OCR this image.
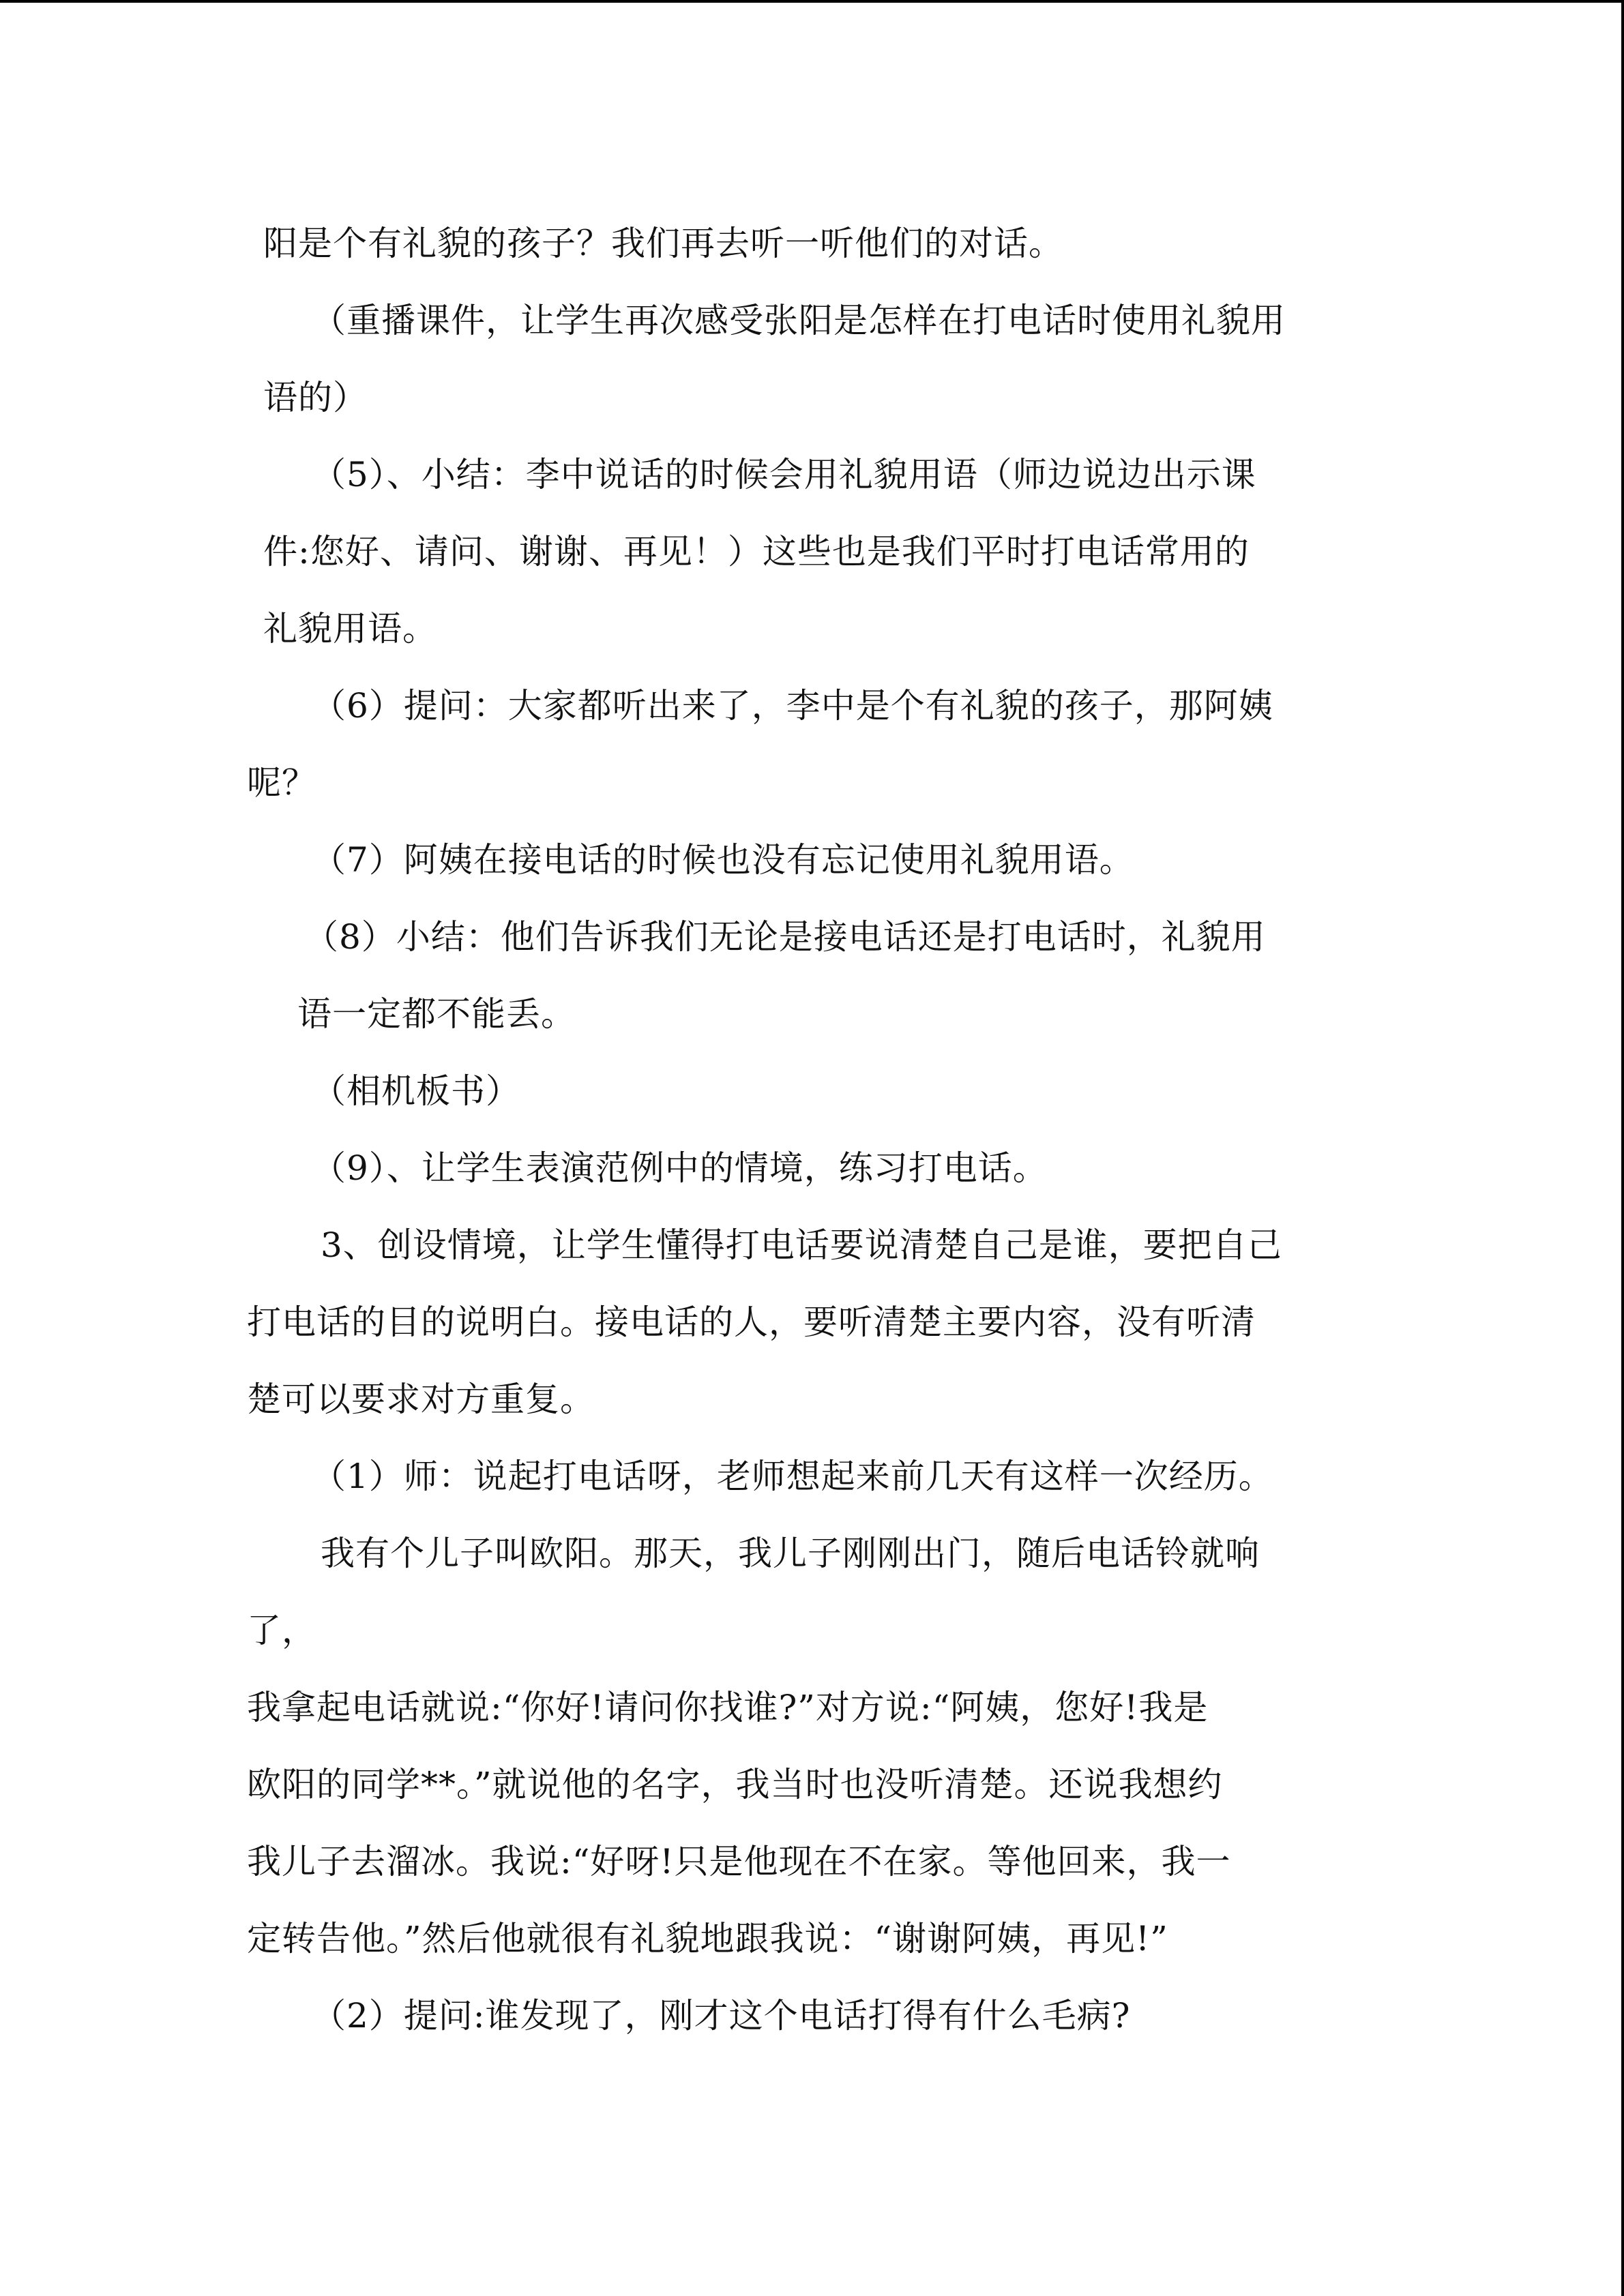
阳是个有礼貌的孩子？我们再去听一听他们的对话。
（重播课件，让学生再次感受张阳是怎样在打电话时使用礼貌用
语的）
（5）、小结：李中说话的时候会用礼貌用语（师边说边出示课
件:您好、请问、谢谢、再见！）这些也是我们平时打电话常用的
礼貌用语。
（6）提问：大家都听出来了，李中是个有礼貌的孩子，那阿姨
呢？
（7）阿姨在接电话的时候也没有忘记使用礼貌用语。
（8）小结：他们告诉我们无论是接电话还是打电话时，礼貌用
语一定都不能丢。
（相机板书）
（9）、让学生表演范例中的情境，练习打电话。
3、创设情境，让学生懂得打电话要说清楚自己是谁，要把自己
打电话的目的说明白。接电话的人，要听清楚主要内容，没有听清
楚可以要求对方重复。
（1）师：说起打电话呀，老师想起来前几天有这样一次经历。
我有个儿子叫欧阳。那天，我儿子刚刚出门，随后电话铃就响
了，
我拿起电话就说:“你好!请问你找谁?”对方说:“阿姨，您好!我是
欧阳的同学**。”就说他的名字，我当时也没听清楚。还说我想约
我儿子去溜冰。我说:“好呀!只是他现在不在家。等他回来，我一
定转告他。”然后他就很有礼貌地跟我说：“谢谢阿姨，再见!”
（2）提问:谁发现了，刚才这个电话打得有什么毛病?
